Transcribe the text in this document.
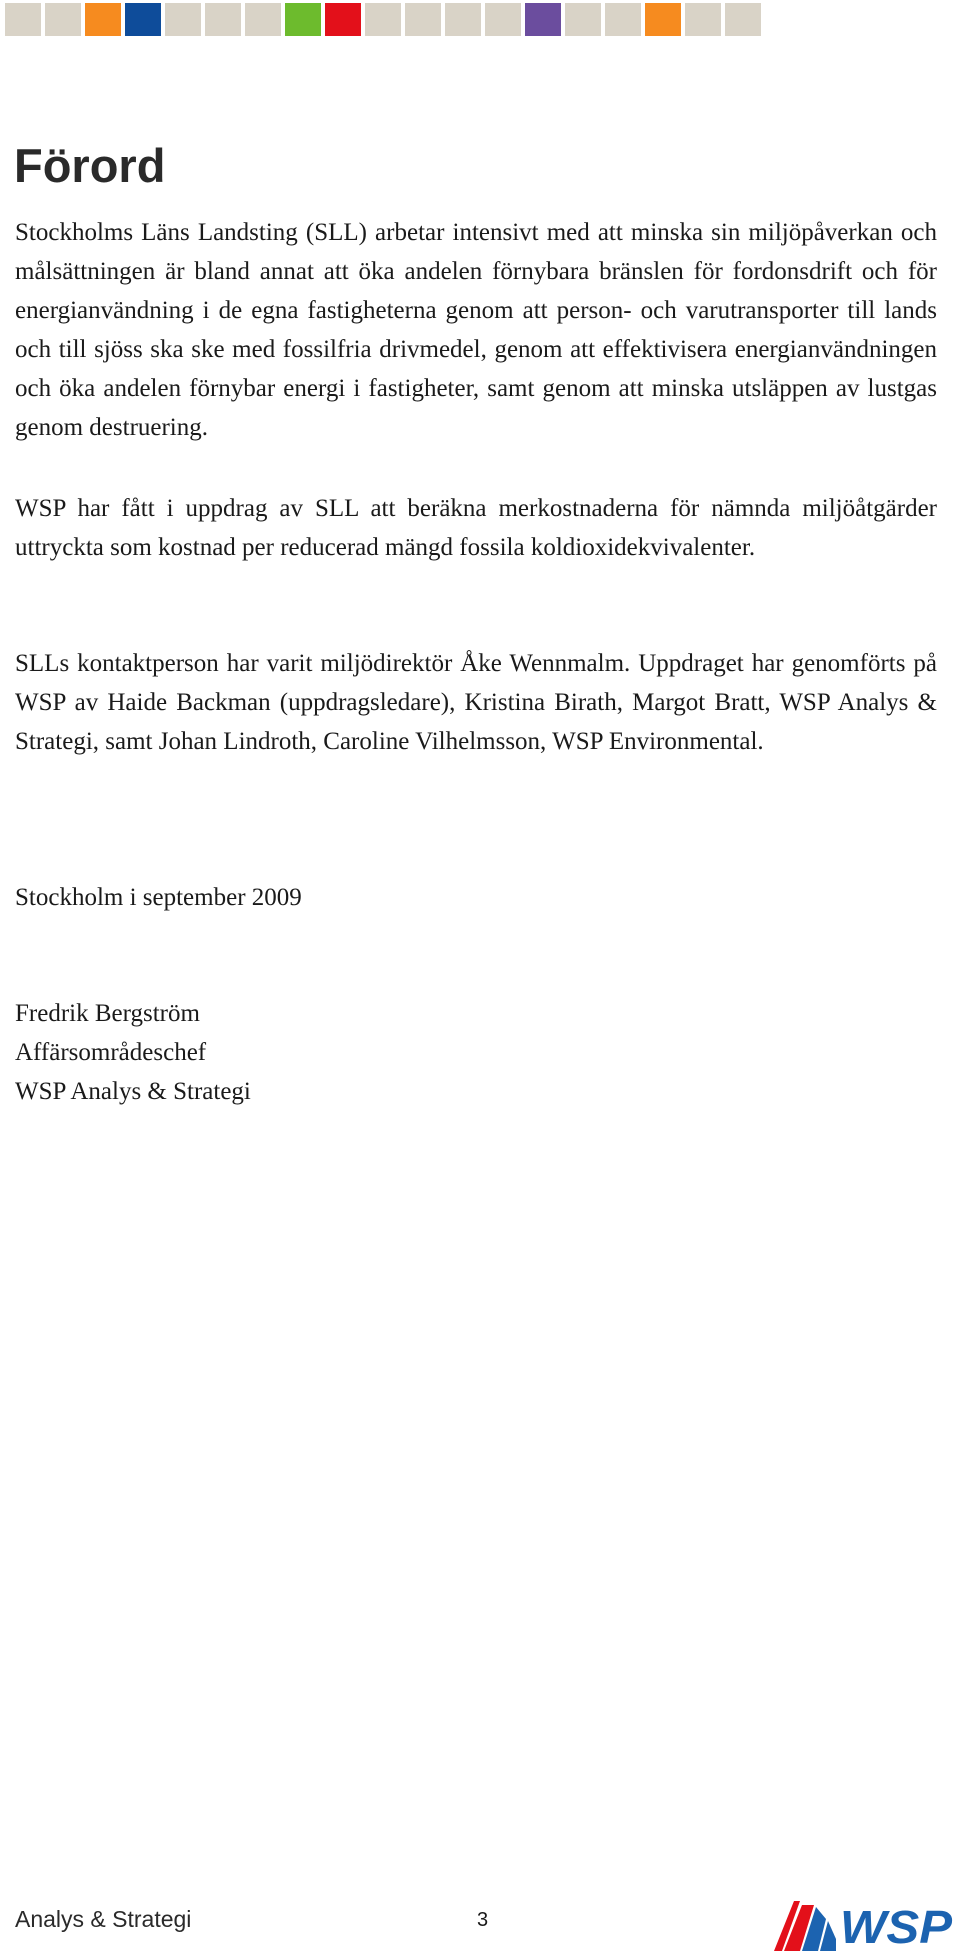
Förord

Stockholms Läns Landsting (SLL) arbetar intensivt med att minska sin miljöpåverkan och målsättningen är bland annat att öka andelen förnybara bränslen för fordonsdrift och för energianvändning i de egna fastigheterna genom att person- och varutransporter till lands och till sjöss ska ske med fossilfria drivmedel, genom att effektivisera energianvändningen och öka andelen förnybar energi i fastigheter, samt genom att minska utsläppen av lustgas genom destruering.

WSP har fått i uppdrag av SLL att beräkna merkostnaderna för nämnda miljöåtgärder uttryckta som kostnad per reducerad mängd fossila koldioxidekvivalenter.

SLLs kontaktperson har varit miljödirektör Åke Wennmalm. Uppdraget har genomförts på WSP av Haide Backman (uppdragsledare), Kristina Birath, Margot Bratt, WSP Analys & Strategi, samt Johan Lindroth, Caroline Vilhelmsson, WSP Environmental.

Stockholm i september 2009

Fredrik Bergström
Affärsområdeschef
WSP Analys & Strategi

Analys & Strategi	3	WSP
